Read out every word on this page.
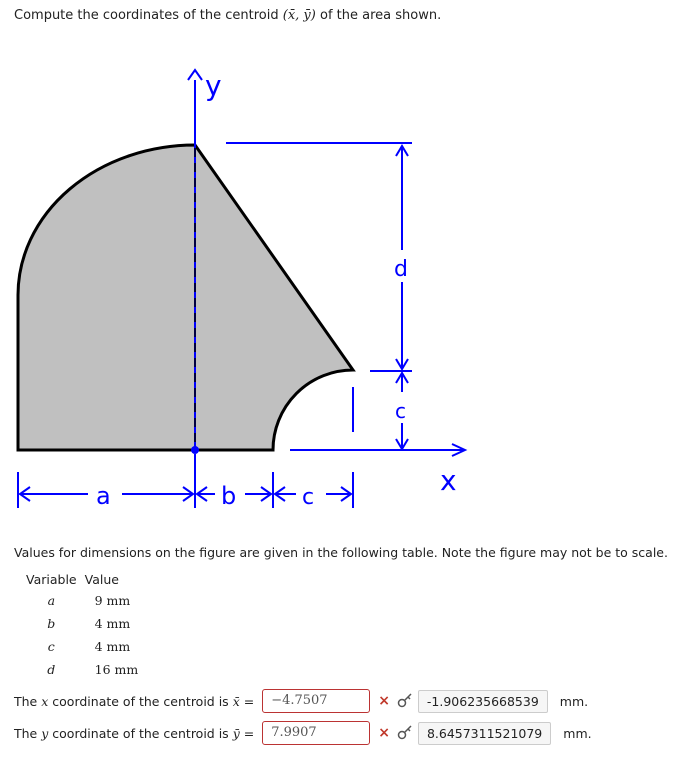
Compute the coordinates of the centroid (x̄, ȳ) of the area shown.
d
c
y
x
a	b	c
Values for dimensions on the figure are given in the following table. Note the figure may not be to scale.
Variable	Value
a	9 mm
b	4 mm
c	4 mm
d	16 mm
The
x
coordinate of the centroid is
x̄ =	−4.7507	×	-1.906235668539	mm.
The
y
coordinate of the centroid is
ȳ =	7.9907	×	8.6457311521079	mm.
